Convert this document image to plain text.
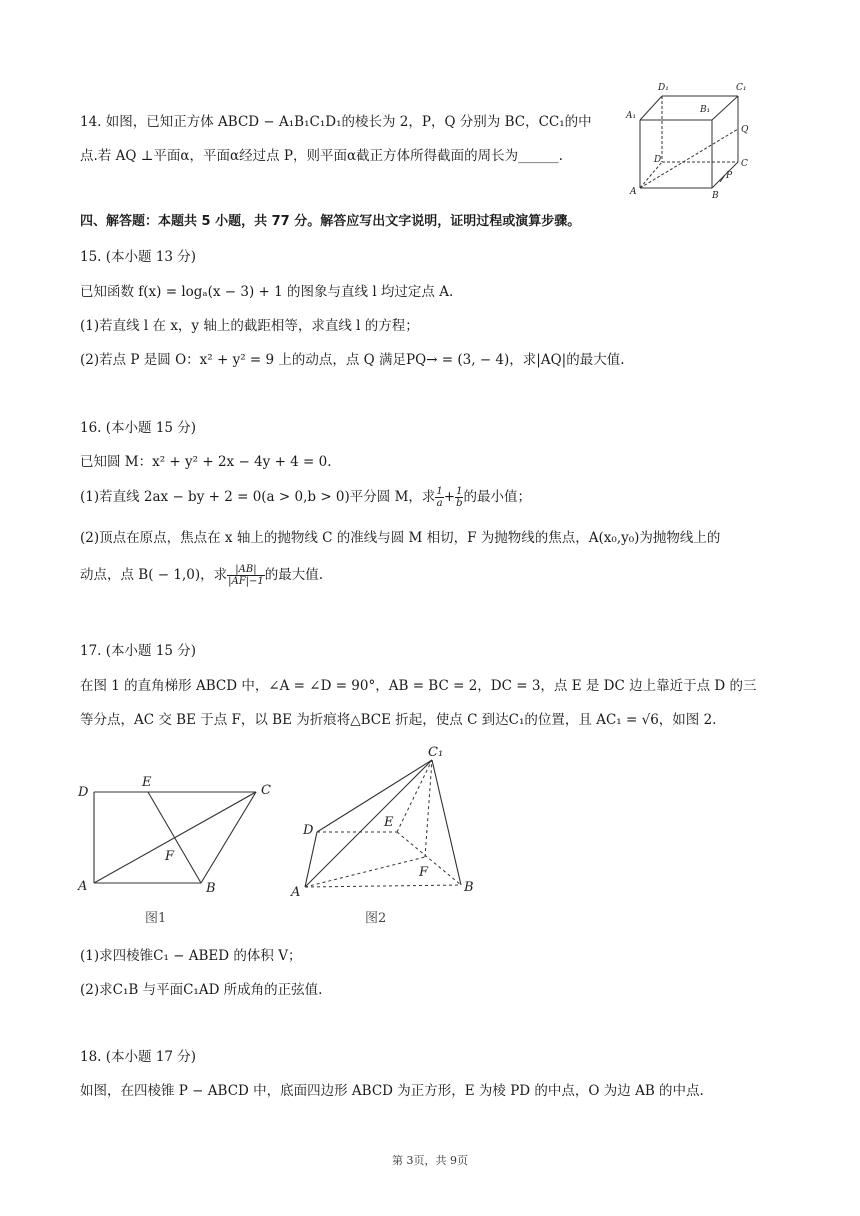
14. 如图，已知正方体 ABCD − A₁B₁C₁D₁的棱长为 2，P，Q 分别为 BC，CC₁的中
点.若 AQ ⊥平面α，平面α经过点 P，则平面α截正方体所得截面的周长为______.
D₁
B₁
C₁
A₁
Q
D	C
A	B
P
四、解答题：本题共 5 小题，共 77 分。解答应写出文字说明，证明过程或演算步骤。
15. (本小题 13 分)
已知函数 f(x) = logₐ(x − 3) + 1 的图象与直线 l 均过定点 A.
(1)若直线 l 在 x，y 轴上的截距相等，求直线 l 的方程；
(2)若点 P 是圆 O：x² + y² = 9 上的动点，点 Q 满足PQ→ = (3, − 4)，求|AQ|的最大值.
16. (本小题 15 分)
已知圆 M：x² + y² + 2x − 4y + 4 = 0.
(1)若直线 2ax − by + 2 = 0(a > 0,b > 0)平分圆 M，求 $\frac{1}{a} + \frac{1}{b}$ 的最小值；
(2)顶点在原点，焦点在 x 轴上的抛物线 C 的准线与圆 M 相切，F 为抛物线的焦点，A(x₀,y₀)为抛物线上的
动点，点 B( − 1,0)，求 $\frac{|AB|}{|AF|-1}$ 的最大值.
17. (本小题 15 分)
在图 1 的直角梯形 ABCD 中，∠A = ∠D = 90°，AB = BC = 2，DC = 3，点 E 是 DC 边上靠近于点 D 的三
等分点，AC 交 BE 于点 F，以 BE 为折痕将△BCE 折起，使点 C 到达C₁的位置，且 AC₁ = √6，如图 2.
D
E
C
F
A	B
图1
C₁
D
E
F
A	B
图2
(1)求四棱锥C₁ − ABED 的体积 V；
(2)求C₁B 与平面C₁AD 所成角的正弦值.
18. (本小题 17 分)
如图，在四棱锥 P − ABCD 中，底面四边形 ABCD 为正方形，E 为棱 PD 的中点，O 为边 AB 的中点.
第 3页，共 9页
